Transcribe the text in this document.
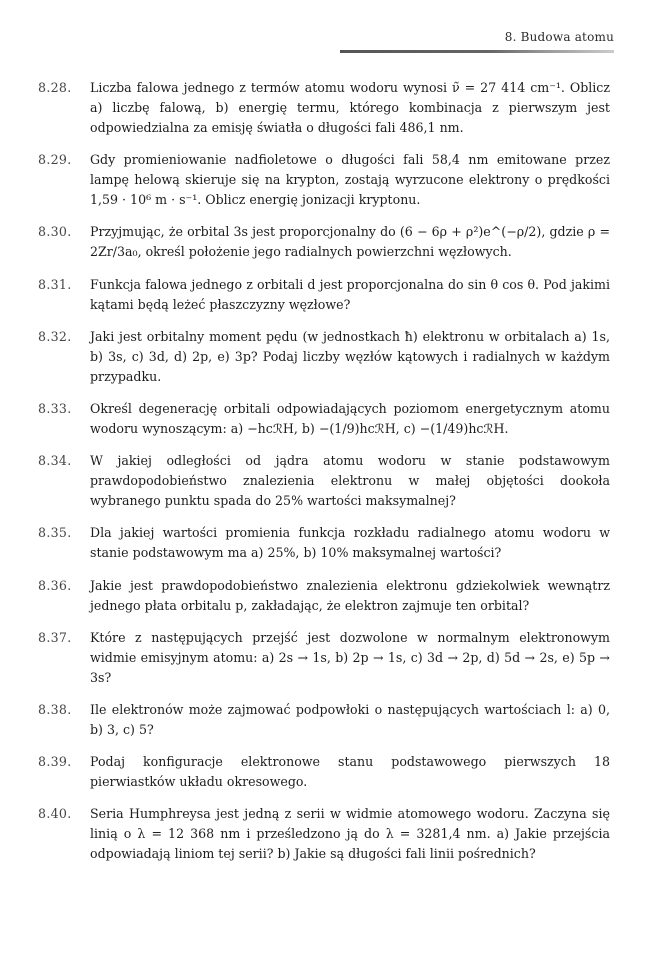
8. Budowa atomu
8.28.	Liczba falowa jednego z termów atomu wodoru wynosi ν̃ = 27 414 cm⁻¹. Oblicz a) liczbę falową, b) energię termu, którego kombinacja z pierwszym jest odpowiedzialna za emisję światła o długości fali 486,1 nm.
8.29.	Gdy promieniowanie nadfioletowe o długości fali 58,4 nm emitowane przez lampę helową skieruje się na krypton, zostają wyrzucone elektrony o prędkości 1,59 · 10⁶ m · s⁻¹. Oblicz energię jonizacji kryptonu.
8.30.	Przyjmując, że orbital 3s jest proporcjonalny do (6 − 6ρ + ρ²)e^(−ρ/2), gdzie ρ = 2Zr/3a₀, określ położenie jego radialnych powierzchni węzłowych.
8.31.	Funkcja falowa jednego z orbitali d jest proporcjonalna do sin θ cos θ. Pod jakimi kątami będą leżeć płaszczyzny węzłowe?
8.32.	Jaki jest orbitalny moment pędu (w jednostkach ħ) elektronu w orbitalach a) 1s, b) 3s, c) 3d, d) 2p, e) 3p? Podaj liczby węzłów kątowych i radialnych w każdym przypadku.
8.33.	Określ degenerację orbitali odpowiadających poziomom energetycznym atomu wodoru wynoszącym: a) −hcℛH, b) −(1/9)hcℛH, c) −(1/49)hcℛH.
8.34.	W jakiej odległości od jądra atomu wodoru w stanie podstawowym prawdopodobieństwo znalezienia elektronu w małej objętości dookoła wybranego punktu spada do 25% wartości maksymalnej?
8.35.	Dla jakiej wartości promienia funkcja rozkładu radialnego atomu wodoru w stanie podstawowym ma a) 25%, b) 10% maksymalnej wartości?
8.36.	Jakie jest prawdopodobieństwo znalezienia elektronu gdziekolwiek wewnątrz jednego płata orbitalu p, zakładając, że elektron zajmuje ten orbital?
8.37.	Które z następujących przejść jest dozwolone w normalnym elektronowym widmie emisyjnym atomu: a) 2s → 1s, b) 2p → 1s, c) 3d → 2p, d) 5d → 2s, e) 5p → 3s?
8.38.	Ile elektronów może zajmować podpowłoki o następujących wartościach l: a) 0, b) 3, c) 5?
8.39.	Podaj konfiguracje elektronowe stanu podstawowego pierwszych 18 pierwiastków układu okresowego.
8.40.	Seria Humphreysa jest jedną z serii w widmie atomowego wodoru. Zaczyna się linią o λ = 12 368 nm i prześledzono ją do λ = 3281,4 nm. a) Jakie przejścia odpowiadają liniom tej serii? b) Jakie są długości fali linii pośrednich?
